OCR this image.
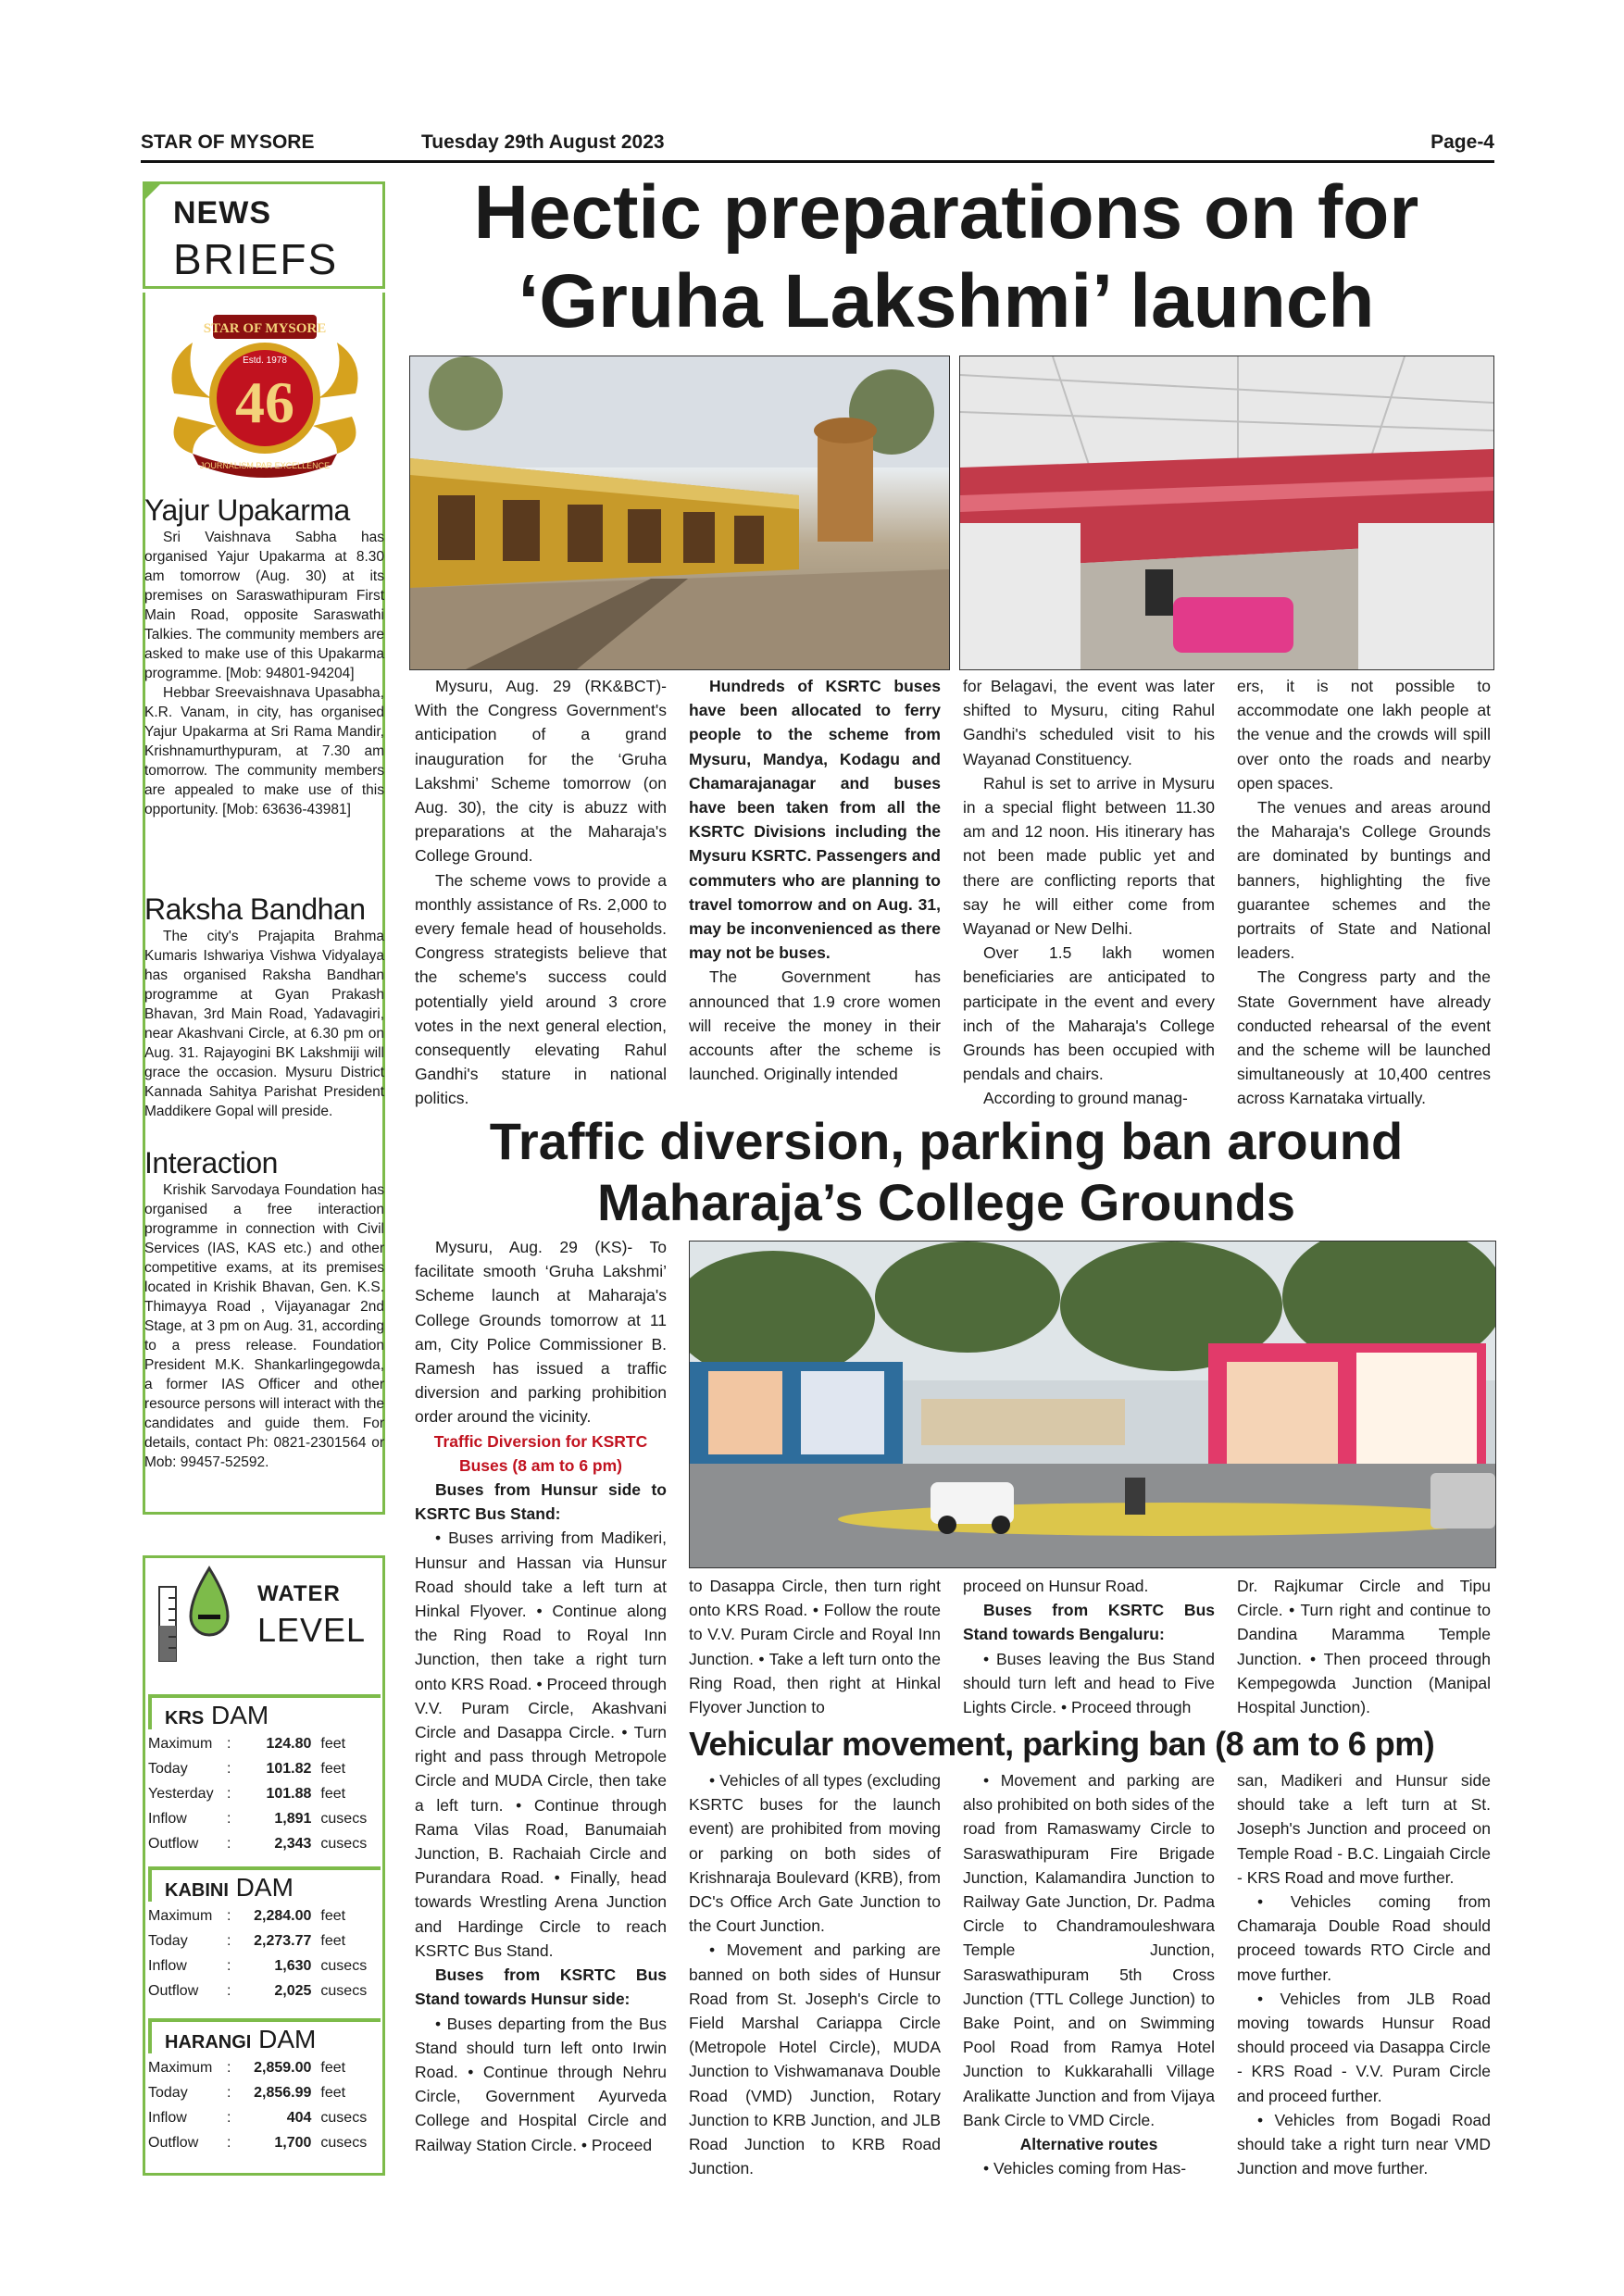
STAR OF MYSORE	Tuesday 29th August 2023	Page-4
NEWS
BRIEFS
STAR OF MYSORE
Estd. 1978
46
JOURNALISM PAR EXCELLENCE
Yajur Upakarma

Sri Vaishnava Sabha has organised Yajur Upakarma at 8.30 am tomorrow (Aug. 30) at its premises on Saraswathipuram First Main Road, opposite Saraswathi Talkies. The community members are asked to make use of this Upakarma programme. [Mob: 94801-94204]

Hebbar Sreevaishnava Upasabha, K.R. Vanam, in city, has organised Yajur Upakarma at Sri Rama Mandir, Krishnamurthypuram, at 7.30 am tomorrow. The community members are appealed to make use of this opportunity. [Mob: 63636-43981]

Raksha Bandhan

The city's Prajapita Brahma Kumaris Ishwariya Vishwa Vidyalaya has organised Raksha Bandhan programme at Gyan Prakash Bhavan, 3rd Main Road, Yadavagiri, near Akashvani Circle, at 6.30 pm on Aug. 31. Rajayogini BK Lakshmiji will grace the occasion. Mysuru District Kannada Sahitya Parishat President Maddikere Gopal will preside.

Interaction

Krishik Sarvodaya Foundation has organised a free interaction programme in connection with Civil Services (IAS, KAS etc.) and other competitive exams, at its premises located in Krishik Bhavan, Gen. K.S. Thimayya Road , Vijayanagar 2nd Stage, at 3 pm on Aug. 31, according to a press release. Foundation President M.K. Shankarlingegowda, a former IAS Officer and other resource persons will interact with the candidates and guide them. For details, contact Ph: 0821-2301564 or Mob: 99457-52592.

WATER
LEVEL
KRS DAM
Maximum :	124.80 feet
Today	:	101.82 feet
Yesterday :	101.88 feet
Inflow	:	1,891 cusecs
Outflow	:	2,343 cusecs
KABINI DAM
Maximum :	2,284.00 feet
Today	:	2,273.77 feet
Inflow	:	1,630 cusecs
Outflow	:	2,025 cusecs
HARANGI DAM
Maximum :	2,859.00 feet
Today	:	2,856.99 feet
Inflow	:	404 cusecs
Outflow	:	1,700 cusecs
Hectic preparations on for
‘Gruha Lakshmi’ launch

Mysuru, Aug. 29 (RK&BCT)- With the Congress Government's anticipation of a grand inauguration for the ‘Gruha Lakshmi’ Scheme tomorrow (on Aug. 30), the city is abuzz with preparations at the Maharaja's College Ground.

The scheme vows to provide a monthly assistance of Rs. 2,000 to every female head of households. Congress strategists believe that the scheme's success could potentially yield around 3 crore votes in the next general election, consequently elevating Rahul Gandhi's stature in national politics.

Hundreds of KSRTC buses have been allocated to ferry people to the scheme from Mysuru, Mandya, Kodagu and Chamarajanagar and buses have been taken from all the KSRTC Divisions including the Mysuru KSRTC. Passengers and commuters who are planning to travel tomorrow and on Aug. 31, may be inconvenienced as there may not be buses.

The Government has announced that 1.9 crore women will receive the money in their accounts after the scheme is launched. Originally intended

for Belagavi, the event was later shifted to Mysuru, citing Rahul Gandhi's scheduled visit to his Wayanad Constituency.

Rahul is set to arrive in Mysuru in a special flight between 11.30 am and 12 noon. His itinerary has not been made public yet and there are conflicting reports that say he will either come from Wayanad or New Delhi.

Over 1.5 lakh women beneficiaries are anticipated to participate in the event and every inch of the Maharaja's College Grounds has been occupied with pendals and chairs.

According to ground manag-

ers, it is not possible to accommodate one lakh people at the venue and the crowds will spill over onto the roads and nearby open spaces.

The venues and areas around the Maharaja's College Grounds are dominated by buntings and banners, highlighting the five guarantee schemes and the portraits of State and National leaders.

The Congress party and the State Government have already conducted rehearsal of the event and the scheme will be launched simultaneously at 10,400 centres across Karnataka virtually.

Traffic diversion, parking ban around
Maharaja’s College Grounds

Mysuru, Aug. 29 (KS)- To facilitate smooth ‘Gruha Lakshmi’ Scheme launch at Maharaja's College Grounds tomorrow at 11 am, City Police Commissioner B. Ramesh has issued a traffic diversion and parking prohibition order around the vicinity.

Traffic Diversion for KSRTC Buses (8 am to 6 pm)

Buses from Hunsur side to KSRTC Bus Stand:

• Buses arriving from Madikeri, Hunsur and Hassan via Hunsur Road should take a left turn at Hinkal Flyover. • Continue along the Ring Road to Royal Inn Junction, then take a right turn onto KRS Road. • Proceed through V.V. Puram Circle, Akashvani Circle and Dasappa Circle. • Turn right and pass through Metropole Circle and MUDA Circle, then take a left turn. • Continue through Rama Vilas Road, Banumaiah Junction, B. Rachaiah Circle and Purandara Road. • Finally, head towards Wrestling Arena Junction and Hardinge Circle to reach KSRTC Bus Stand.

Buses from KSRTC Bus Stand towards Hunsur side:

• Buses departing from the Bus Stand should turn left onto Irwin Road. • Continue through Nehru Circle, Government Ayurveda College and Hospital Circle and Railway Station Circle. • Proceed

to Dasappa Circle, then turn right onto KRS Road. • Follow the route to V.V. Puram Circle and Royal Inn Junction. • Take a left turn onto the Ring Road, then right at Hinkal Flyover Junction to

proceed on Hunsur Road.

Buses from KSRTC Bus Stand towards Bengaluru:

• Buses leaving the Bus Stand should turn left and head to Five Lights Circle. • Proceed through

Dr. Rajkumar Circle and Tipu Circle. • Turn right and continue to Dandina Maramma Temple Junction. • Then proceed through Kempegowda Junction (Manipal Hospital Junction).

Vehicular movement, parking ban (8 am to 6 pm)

• Vehicles of all types (excluding KSRTC buses for the launch event) are prohibited from moving or parking on both sides of Krishnaraja Boulevard (KRB), from DC's Office Arch Gate Junction to the Court Junction.

• Movement and parking are banned on both sides of Hunsur Road from St. Joseph's Circle to Field Marshal Cariappa Circle (Metropole Hotel Circle), MUDA Junction to Vishwamanava Double Road (VMD) Junction, Rotary Junction to KRB Junction, and JLB Road Junction to KRB Road Junction.

• Movement and parking are also prohibited on both sides of the road from Ramaswamy Circle to Saraswathipuram Fire Brigade Junction, Kalamandira Junction to Railway Gate Junction, Dr. Padma Circle to Chandramouleshwara Temple Junction, Saraswathipuram 5th Cross Junction (TTL College Junction) to Bake Point, and on Swimming Pool Road from Ramya Hotel Junction to Kukkarahalli Village Aralikatte Junction and from Vijaya Bank Circle to VMD Circle.

Alternative routes

• Vehicles coming from Has-

san, Madikeri and Hunsur side should take a left turn at St. Joseph's Junction and proceed on Temple Road - B.C. Lingaiah Circle - KRS Road and move further.

• Vehicles coming from Chamaraja Double Road should proceed towards RTO Circle and move further.

• Vehicles from JLB Road moving towards Hunsur Road should proceed via Dasappa Circle - KRS Road - V.V. Puram Circle and proceed further.

• Vehicles from Bogadi Road should take a right turn near VMD Junction and move further.
